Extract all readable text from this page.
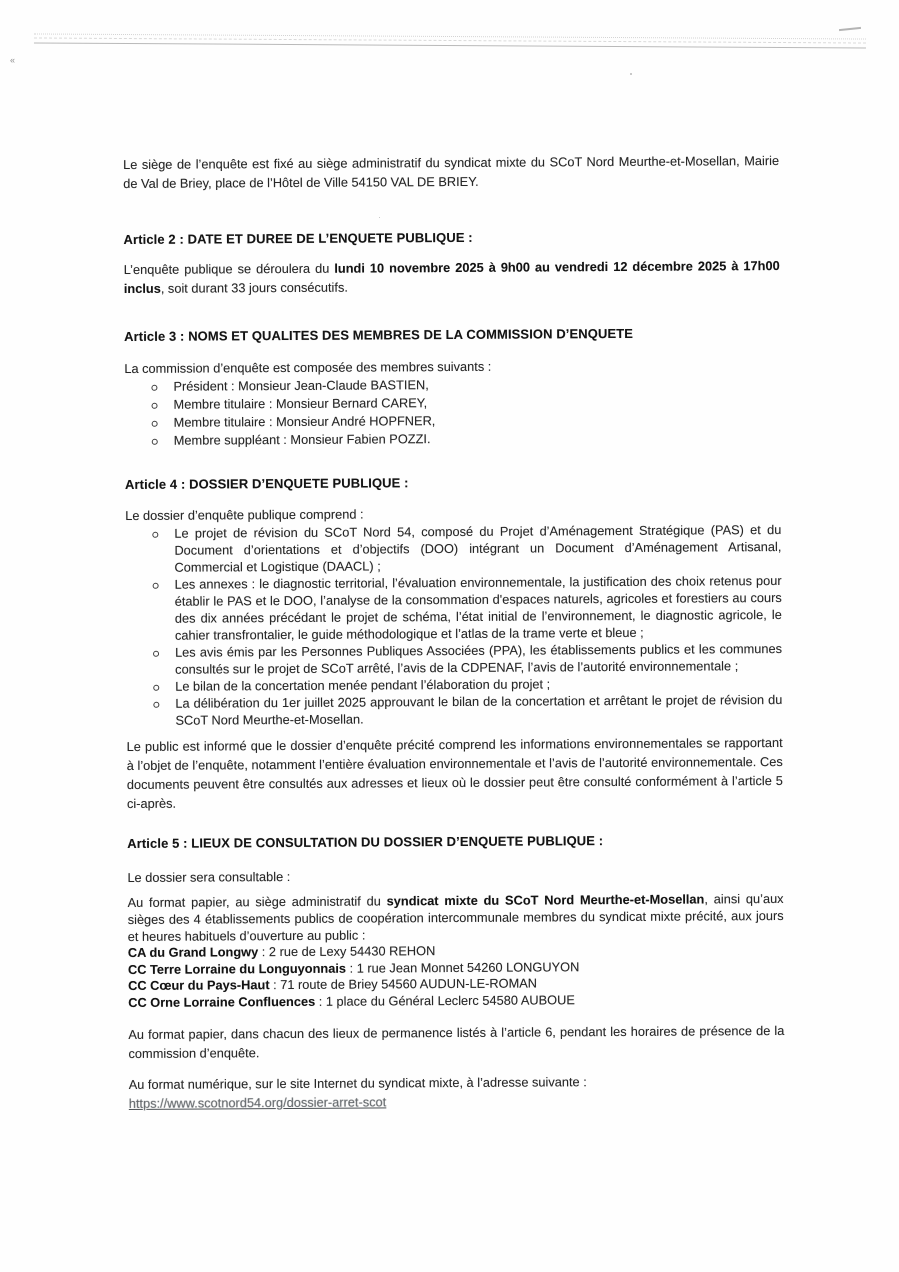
«

Le siège de l’enquête est fixé au siège administratif du syndicat mixte du SCoT Nord Meurthe-et-Mosellan, Mairie de Val de Briey, place de l’Hôtel de Ville 54150 VAL DE BRIEY.

Article 2 : DATE ET DUREE DE L’ENQUETE PUBLIQUE :

L’enquête publique se déroulera du lundi 10 novembre 2025 à 9h00 au vendredi 12 décembre 2025 à 17h00 inclus, soit durant 33 jours consécutifs.

Article 3 : NOMS ET QUALITES DES MEMBRES DE LA COMMISSION D’ENQUETE

La commission d’enquête est composée des membres suivants :

Président : Monsieur Jean-Claude BASTIEN,
Membre titulaire : Monsieur Bernard CAREY,
Membre titulaire : Monsieur André HOPFNER,
Membre suppléant : Monsieur Fabien POZZI.
Article 4 : DOSSIER D’ENQUETE PUBLIQUE :

Le dossier d’enquête publique comprend :

Le projet de révision du SCoT Nord 54, composé du Projet d’Aménagement Stratégique (PAS) et du Document d’orientations et d’objectifs (DOO) intégrant un Document d’Aménagement Artisanal, Commercial et Logistique (DAACL) ;
Les annexes : le diagnostic territorial, l’évaluation environnementale, la justification des choix retenus pour établir le PAS et le DOO, l’analyse de la consommation d'espaces naturels, agricoles et forestiers au cours des dix années précédant le projet de schéma, l’état initial de l’environnement, le diagnostic agricole, le cahier transfrontalier, le guide méthodologique et l’atlas de la trame verte et bleue ;
Les avis émis par les Personnes Publiques Associées (PPA), les établissements publics et les communes consultés sur le projet de SCoT arrêté, l’avis de la CDPENAF, l’avis de l’autorité environnementale ;
Le bilan de la concertation menée pendant l’élaboration du projet ;
La délibération du 1er juillet 2025 approuvant le bilan de la concertation et arrêtant le projet de révision du SCoT Nord Meurthe-et-Mosellan.

Le public est informé que le dossier d’enquête précité comprend les informations environnementales se rapportant à l’objet de l’enquête, notamment l’entière évaluation environnementale et l’avis de l’autorité environnementale. Ces documents peuvent être consultés aux adresses et lieux où le dossier peut être consulté conformément à l’article 5 ci-après.

Article 5 : LIEUX DE CONSULTATION DU DOSSIER D’ENQUETE PUBLIQUE :

Le dossier sera consultable :

Au format papier, au siège administratif du syndicat mixte du SCoT Nord Meurthe-et-Mosellan, ainsi qu’aux sièges des 4 établissements publics de coopération intercommunale membres du syndicat mixte précité, aux jours et heures habituels d’ouverture au public :

CA du Grand Longwy : 2 rue de Lexy 54430 REHON
CC Terre Lorraine du Longuyonnais : 1 rue Jean Monnet 54260 LONGUYON
CC Cœur du Pays-Haut : 71 route de Briey 54560 AUDUN-LE-ROMAN
CC Orne Lorraine Confluences : 1 place du Général Leclerc 54580 AUBOUE

Au format papier, dans chacun des lieux de permanence listés à l’article 6, pendant les horaires de présence de la commission d’enquête.

Au format numérique, sur le site Internet du syndicat mixte, à l’adresse suivante :

https://www.scotnord54.org/dossier-arret-scot
